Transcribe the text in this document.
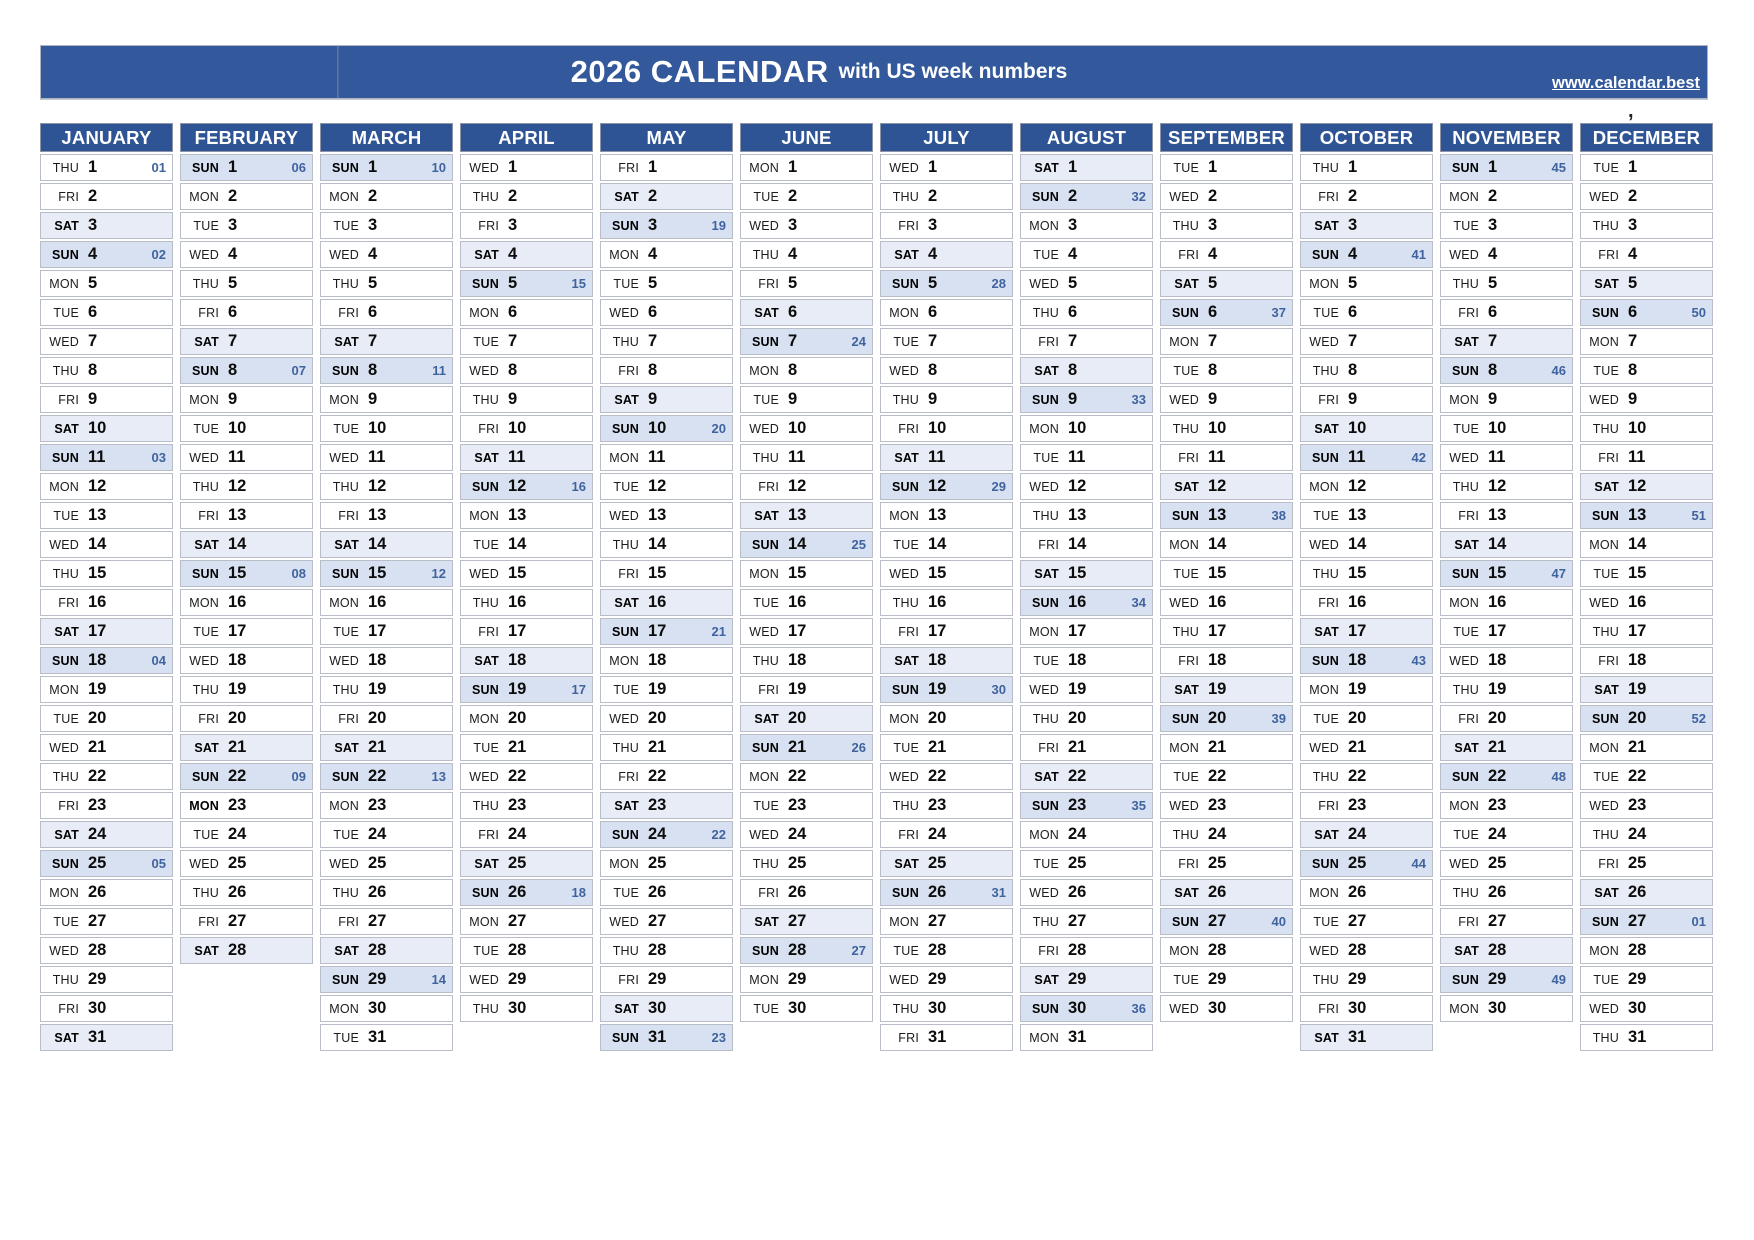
2026 CALENDAR with US week numbers	www.calendar.best
,
JANUARY
THU 1	01
FRI 2
SAT 3
SUN 4	02
MON 5
TUE 6
WED 7
THU 8
FRI 9
SAT 10
SUN 11	03
MON 12
TUE 13
WED 14
THU 15
FRI 16
SAT 17
SUN 18	04
MON 19
TUE 20
WED 21
THU 22
FRI 23
SAT 24
SUN 25	05
MON 26
TUE 27
WED 28
THU 29
FRI 30
SAT 31
FEBRUARY
SUN 1	06
MON 2
TUE 3
WED 4
THU 5
FRI 6
SAT 7
SUN 8	07
MON 9
TUE 10
WED 11
THU 12
FRI 13
SAT 14
SUN 15	08
MON 16
TUE 17
WED 18
THU 19
FRI 20
SAT 21
SUN 22	09
MON 23
TUE 24
WED 25
THU 26
FRI 27
SAT 28
MARCH
SUN 1	10
MON 2
TUE 3
WED 4
THU 5
FRI 6
SAT 7
SUN 8	11
MON 9
TUE 10
WED 11
THU 12
FRI 13
SAT 14
SUN 15	12
MON 16
TUE 17
WED 18
THU 19
FRI 20
SAT 21
SUN 22	13
MON 23
TUE 24
WED 25
THU 26
FRI 27
SAT 28
SUN 29	14
MON 30
TUE 31
APRIL
WED 1
THU 2
FRI 3
SAT 4
SUN 5	15
MON 6
TUE 7
WED 8
THU 9
FRI 10
SAT 11
SUN 12	16
MON 13
TUE 14
WED 15
THU 16
FRI 17
SAT 18
SUN 19	17
MON 20
TUE 21
WED 22
THU 23
FRI 24
SAT 25
SUN 26	18
MON 27
TUE 28
WED 29
THU 30
MAY
FRI 1
SAT 2
SUN 3	19
MON 4
TUE 5
WED 6
THU 7
FRI 8
SAT 9
SUN 10	20
MON 11
TUE 12
WED 13
THU 14
FRI 15
SAT 16
SUN 17	21
MON 18
TUE 19
WED 20
THU 21
FRI 22
SAT 23
SUN 24	22
MON 25
TUE 26
WED 27
THU 28
FRI 29
SAT 30
SUN 31	23
JUNE
MON 1
TUE 2
WED 3
THU 4
FRI 5
SAT 6
SUN 7	24
MON 8
TUE 9
WED 10
THU 11
FRI 12
SAT 13
SUN 14	25
MON 15
TUE 16
WED 17
THU 18
FRI 19
SAT 20
SUN 21	26
MON 22
TUE 23
WED 24
THU 25
FRI 26
SAT 27
SUN 28	27
MON 29
TUE 30
JULY
WED 1
THU 2
FRI 3
SAT 4
SUN 5	28
MON 6
TUE 7
WED 8
THU 9
FRI 10
SAT 11
SUN 12	29
MON 13
TUE 14
WED 15
THU 16
FRI 17
SAT 18
SUN 19	30
MON 20
TUE 21
WED 22
THU 23
FRI 24
SAT 25
SUN 26	31
MON 27
TUE 28
WED 29
THU 30
FRI 31
AUGUST
SAT 1
SUN 2	32
MON 3
TUE 4
WED 5
THU 6
FRI 7
SAT 8
SUN 9	33
MON 10
TUE 11
WED 12
THU 13
FRI 14
SAT 15
SUN 16	34
MON 17
TUE 18
WED 19
THU 20
FRI 21
SAT 22
SUN 23	35
MON 24
TUE 25
WED 26
THU 27
FRI 28
SAT 29
SUN 30	36
MON 31
SEPTEMBER
TUE 1
WED 2
THU 3
FRI 4
SAT 5
SUN 6	37
MON 7
TUE 8
WED 9
THU 10
FRI 11
SAT 12
SUN 13	38
MON 14
TUE 15
WED 16
THU 17
FRI 18
SAT 19
SUN 20	39
MON 21
TUE 22
WED 23
THU 24
FRI 25
SAT 26
SUN 27	40
MON 28
TUE 29
WED 30
OCTOBER
THU 1
FRI 2
SAT 3
SUN 4	41
MON 5
TUE 6
WED 7
THU 8
FRI 9
SAT 10
SUN 11	42
MON 12
TUE 13
WED 14
THU 15
FRI 16
SAT 17
SUN 18	43
MON 19
TUE 20
WED 21
THU 22
FRI 23
SAT 24
SUN 25	44
MON 26
TUE 27
WED 28
THU 29
FRI 30
SAT 31
NOVEMBER
SUN 1	45
MON 2
TUE 3
WED 4
THU 5
FRI 6
SAT 7
SUN 8	46
MON 9
TUE 10
WED 11
THU 12
FRI 13
SAT 14
SUN 15	47
MON 16
TUE 17
WED 18
THU 19
FRI 20
SAT 21
SUN 22	48
MON 23
TUE 24
WED 25
THU 26
FRI 27
SAT 28
SUN 29	49
MON 30
DECEMBER
TUE 1
WED 2
THU 3
FRI 4
SAT 5
SUN 6	50
MON 7
TUE 8
WED 9
THU 10
FRI 11
SAT 12
SUN 13	51
MON 14
TUE 15
WED 16
THU 17
FRI 18
SAT 19
SUN 20	52
MON 21
TUE 22
WED 23
THU 24
FRI 25
SAT 26
SUN 27	01
MON 28
TUE 29
WED 30
THU 31
